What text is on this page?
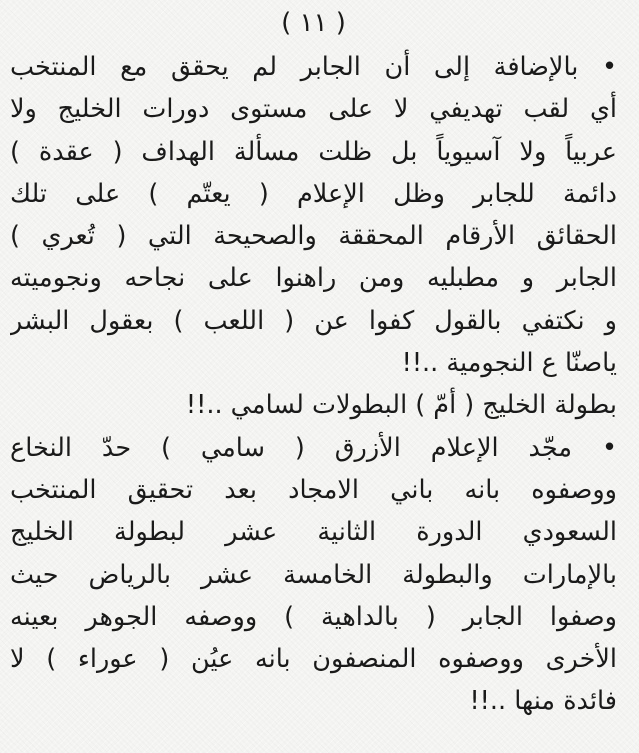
( ١١ )
• بالإضافة إلى أن الجابر لم يحقق مع المنتخب
أي لقب تهديفي لا على مستوى دورات الخليج ولا
عربياً ولا آسيوياً بل ظلت مسألة الهداف ( عقدة )
دائمة للجابر وظل الإعلام ( يعتّم ) على تلك
الحقائق الأرقام المحققة والصحيحة التي ( تُعري )
الجابر و مطبليه ومن راهنوا على نجاحه ونجوميته
و نكتفي بالقول كفوا عن ( اللعب ) بعقول البشر
ياصنّا ع النجومية ..!!
بطولة الخليج ( أمّ ) البطولات لسامي ..!!
• مجّد الإعلام الأزرق ( سامي ) حدّ النخاع
ووصفوه بانه باني الامجاد بعد تحقيق المنتخب
السعودي الدورة الثانية عشر لبطولة الخليج
بالإمارات والبطولة الخامسة عشر بالرياض حيث
وصفوا الجابر ( بالداهية ) ووصفه الجوهر بعينه
الأخرى ووصفوه المنصفون بانه عيُن ( عوراء ) لا
فائدة منها ..!!
